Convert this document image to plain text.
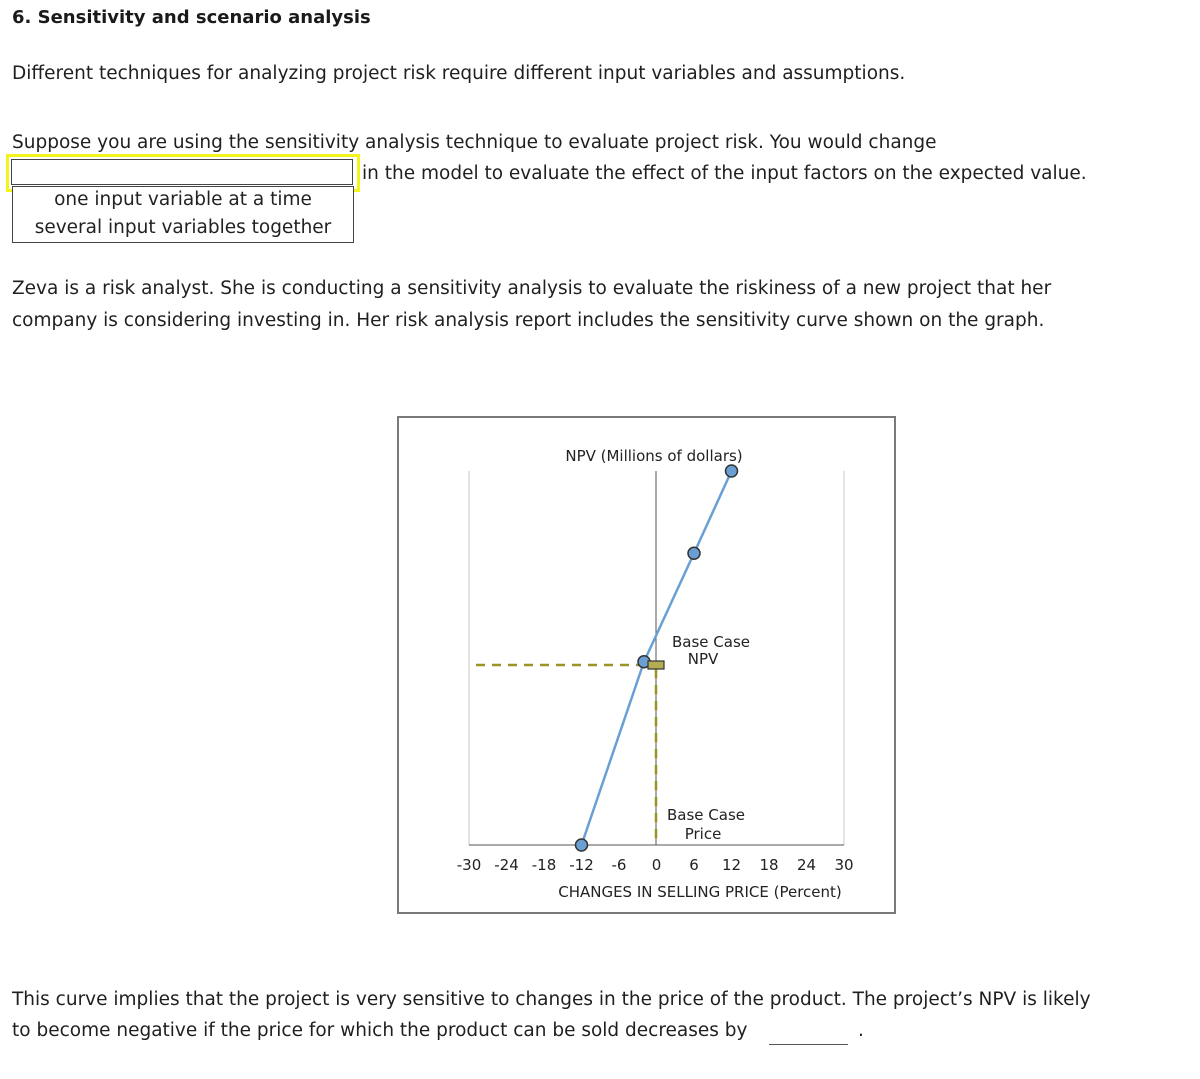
6. Sensitivity and scenario analysis
Different techniques for analyzing project risk require different input variables and assumptions.
Suppose you are using the sensitivity analysis technique to evaluate project risk. You would change
in the model to evaluate the effect of the input factors on the expected value.
one input variable at a time
several input variables together
Zeva is a risk analyst. She is conducting a sensitivity analysis to evaluate the riskiness of a new project that her
company is considering investing in. Her risk analysis report includes the sensitivity curve shown on the graph.
NPV (Millions of dollars)
CHANGES IN SELLING PRICE (Percent)
-30 -24 -18 -12 -6 0 6 12 18 24 30
Base Case
NPV
Base Case
Price
This curve implies that the project is very sensitive to changes in the price of the product. The project’s NPV is likely
to become negative if the price for which the product can be sold decreases by	.
